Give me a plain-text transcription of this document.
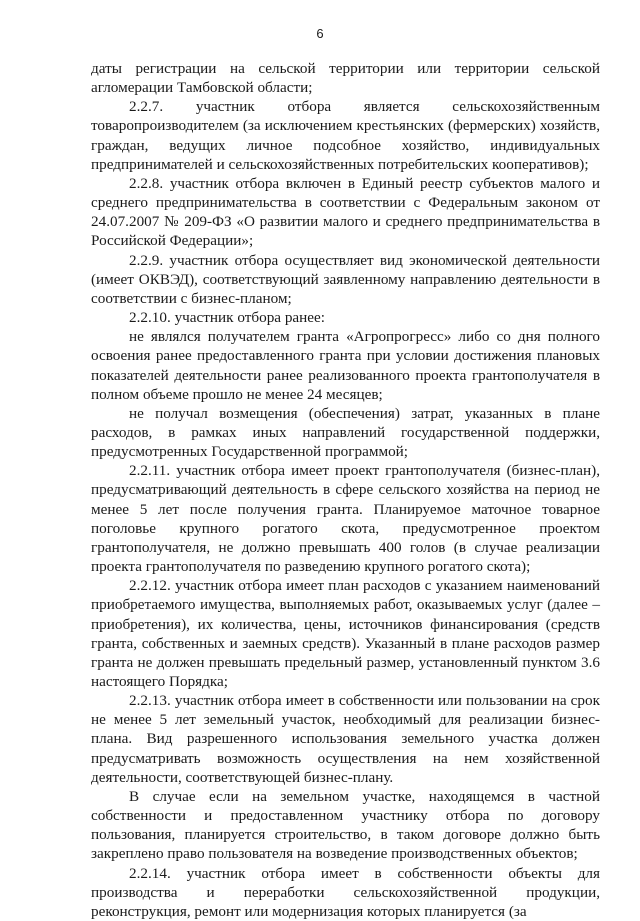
6

даты регистрации на сельской территории или территории сельской агломерации Тамбовской области;

2.2.7. участник отбора является сельскохозяйственным товаропроизводителем (за исключением крестьянских (фермерских) хозяйств, граждан, ведущих личное подсобное хозяйство, индивидуальных предпринимателей и сельскохозяйственных потребительских кооперативов);

2.2.8. участник отбора включен в Единый реестр субъектов малого и среднего предпринимательства в соответствии с Федеральным законом от 24.07.2007 № 209-ФЗ «О развитии малого и среднего предпринимательства в Российской Федерации»;

2.2.9. участник отбора осуществляет вид экономической деятельности (имеет ОКВЭД), соответствующий заявленному направлению деятельности в соответствии с бизнес-планом;

2.2.10. участник отбора ранее:

не являлся получателем гранта «Агропрогресс» либо со дня полного освоения ранее предоставленного гранта при условии достижения плановых показателей деятельности ранее реализованного проекта грантополучателя в полном объеме прошло не менее 24 месяцев;

не получал возмещения (обеспечения) затрат, указанных в плане расходов, в рамках иных направлений государственной поддержки, предусмотренных Государственной программой;

2.2.11. участник отбора имеет проект грантополучателя (бизнес-план), предусматривающий деятельность в сфере сельского хозяйства на период не менее 5 лет после получения гранта. Планируемое маточное товарное поголовье крупного рогатого скота, предусмотренное проектом грантополучателя, не должно превышать 400 голов (в случае реализации проекта грантополучателя по разведению крупного рогатого скота);

2.2.12. участник отбора имеет план расходов с указанием наименований приобретаемого имущества, выполняемых работ, оказываемых услуг (далее – приобретения), их количества, цены, источников финансирования (средств гранта, собственных и заемных средств). Указанный в плане расходов размер гранта не должен превышать предельный размер, установленный пунктом 3.6 настоящего Порядка;

2.2.13. участник отбора имеет в собственности или пользовании на срок не менее 5 лет земельный участок, необходимый для реализации бизнес-плана. Вид разрешенного использования земельного участка должен предусматривать возможность осуществления на нем хозяйственной деятельности, соответствующей бизнес-плану.

В случае если на земельном участке, находящемся в частной собственности и предоставленном участнику отбора по договору пользования, планируется строительство, в таком договоре должно быть закреплено право пользователя на возведение производственных объектов;

2.2.14. участник отбора имеет в собственности объекты для производства и переработки сельскохозяйственной продукции, реконструкция, ремонт или модернизация которых планируется (за
